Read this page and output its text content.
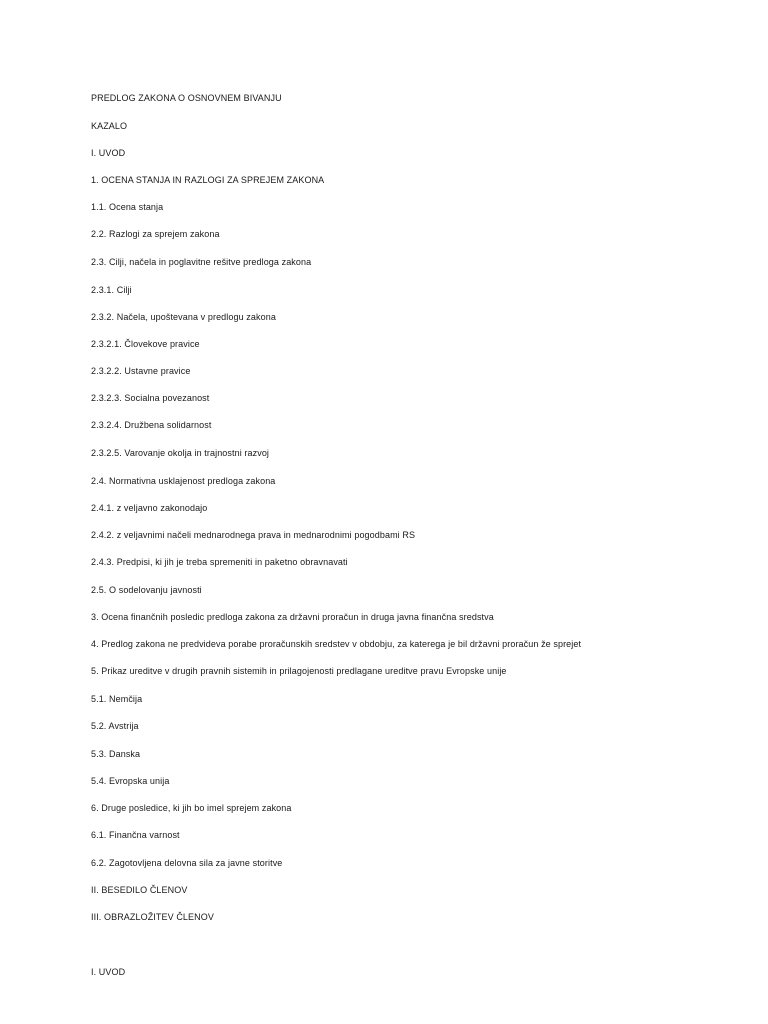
PREDLOG ZAKONA O OSNOVNEM BIVANJU
KAZALO
I. UVOD
1. OCENA STANJA IN RAZLOGI ZA SPREJEM ZAKONA
1.1. Ocena stanja
2.2. Razlogi za sprejem zakona
2.3. Cilji, načela in poglavitne rešitve predloga zakona
2.3.1. Cilji
2.3.2. Načela, upoštevana v predlogu zakona
2.3.2.1. Človekove pravice
2.3.2.2. Ustavne pravice
2.3.2.3. Socialna povezanost
2.3.2.4. Družbena solidarnost
2.3.2.5. Varovanje okolja in trajnostni razvoj
2.4. Normativna usklajenost predloga zakona
2.4.1. z veljavno zakonodajo
2.4.2. z veljavnimi načeli mednarodnega prava in mednarodnimi pogodbami RS
2.4.3. Predpisi, ki jih je treba spremeniti in paketno obravnavati
2.5. O sodelovanju javnosti
3. Ocena finančnih posledic predloga zakona za državni proračun in druga javna finančna sredstva
4. Predlog zakona ne predvideva porabe proračunskih sredstev v obdobju, za katerega je bil državni proračun že sprejet
5. Prikaz ureditve v drugih pravnih sistemih in prilagojenosti predlagane ureditve pravu Evropske unije
5.1. Nemčija
5.2. Avstrija
5.3. Danska
5.4. Evropska unija
6. Druge posledice, ki jih bo imel sprejem zakona
6.1. Finančna varnost
6.2. Zagotovljena delovna sila za javne storitve
II. BESEDILO ČLENOV
III. OBRAZLOŽITEV ČLENOV
I. UVOD
